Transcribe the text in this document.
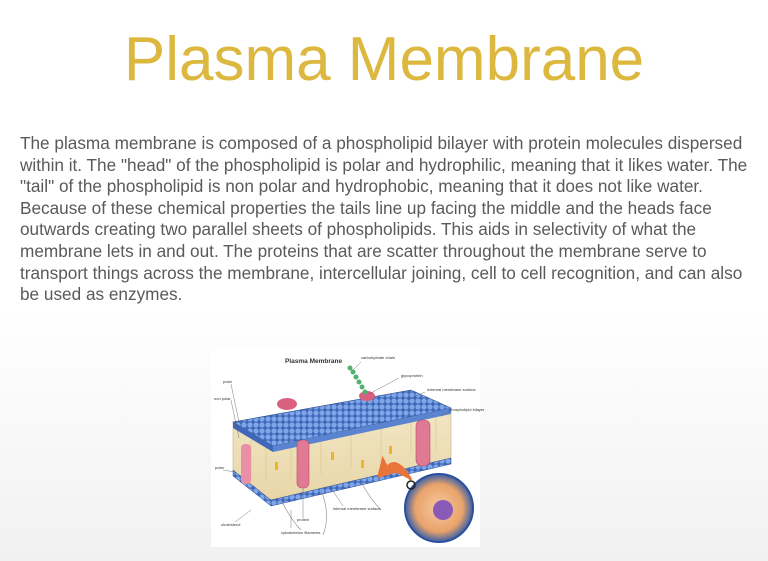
Plasma Membrane

The plasma membrane is composed of a phospholipid bilayer with protein molecules dispersed within it. The "head" of the phospholipid is polar and hydrophilic, meaning that it likes water. The "tail" of the phospholipid is non polar and hydrophobic, meaning that it does not like water. Because of these chemical properties the tails line up facing the middle and the heads face outwards creating two parallel sheets of phospholipids. This aids in selectivity of what the membrane lets in and out. The proteins that are scatter throughout the membrane serve to transport things across the membrane, intercellular joining, cell to cell recognition, and can also be used as enzymes.

Plasma Membrane
carbohydrate chain
glycoprotein
external membrane surface
phospholipid bilayer
polar
non polar
polar
cholesterol
protein
internal membrane surface
cytoskeleton filaments
